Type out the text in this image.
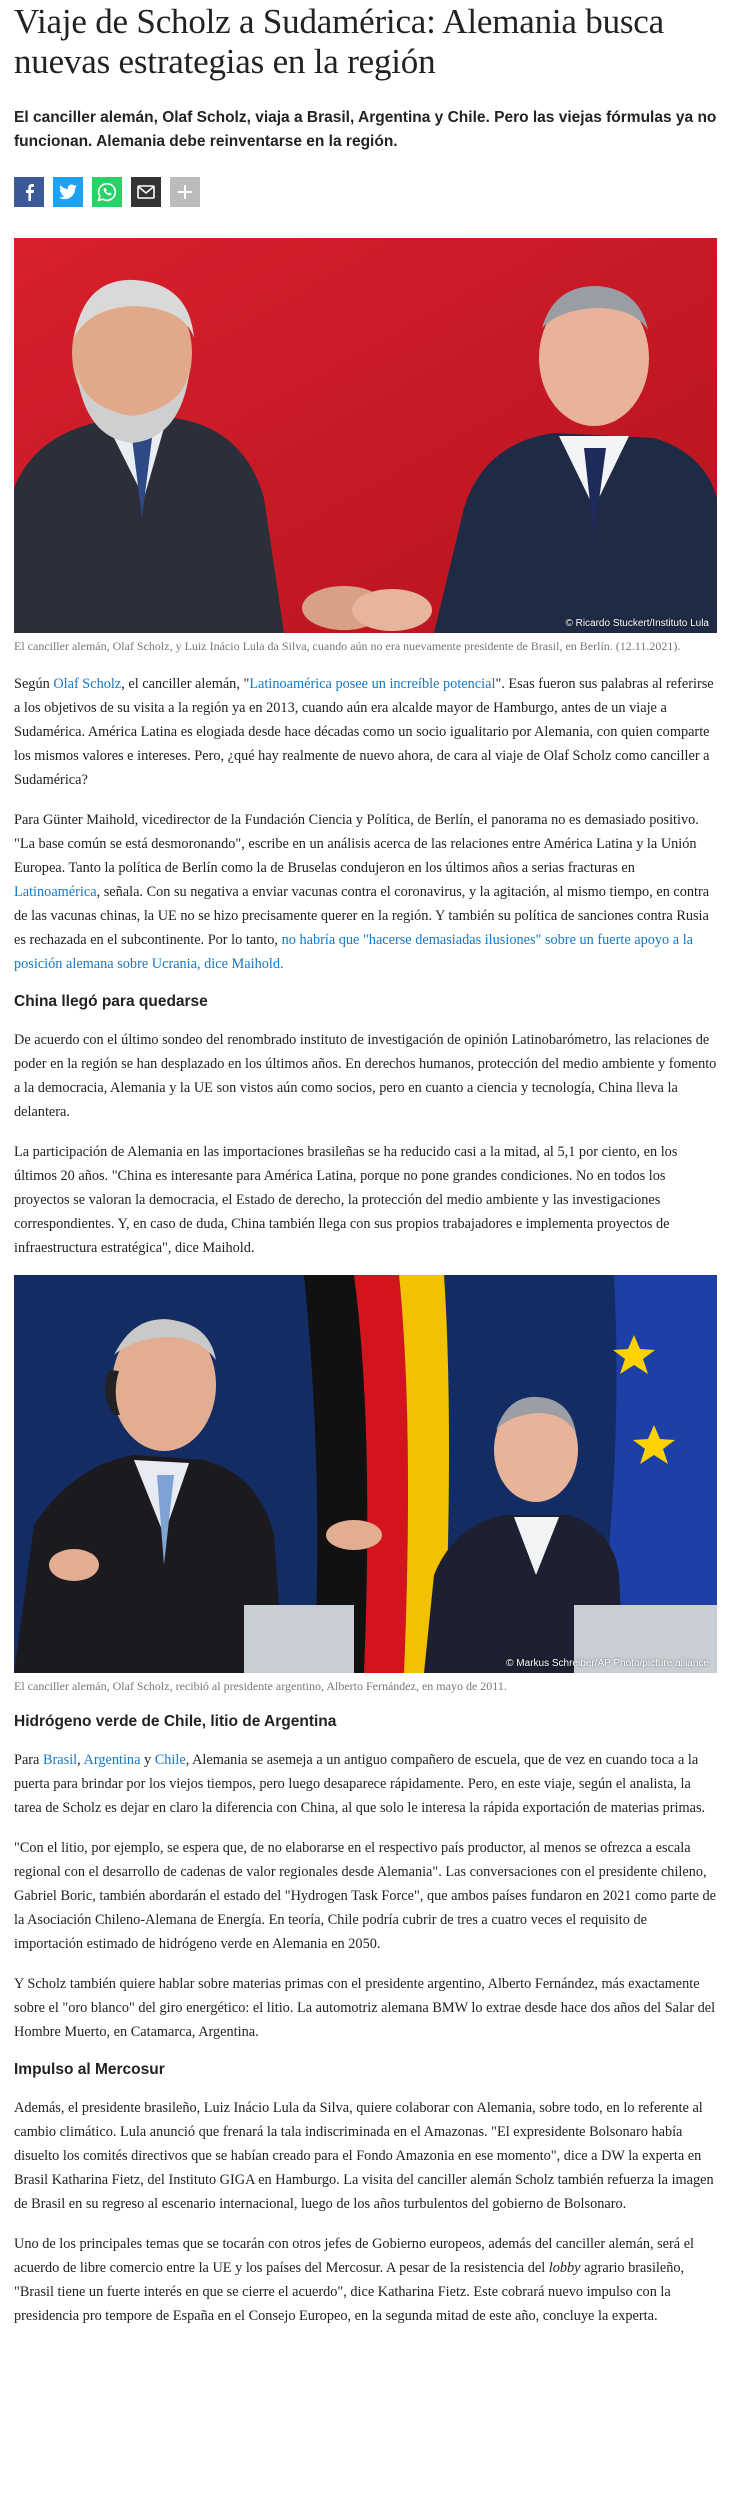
Viaje de Scholz a Sudamérica: Alemania busca nuevas estrategias en la región

El canciller alemán, Olaf Scholz, viaja a Brasil, Argentina y Chile. Pero las viejas fórmulas ya no funcionan. Alemania debe reinventarse en la región.

© Ricardo Stuckert/Instituto Lula

El canciller alemán, Olaf Scholz, y Luiz Inácio Lula da Silva, cuando aún no era nuevamente presidente de Brasil, en Berlín. (12.11.2021).

Según Olaf Scholz, el canciller alemán, "Latinoamérica posee un increíble potencial". Esas fueron sus palabras al referirse a los objetivos de su visita a la región ya en 2013, cuando aún era alcalde mayor de Hamburgo, antes de un viaje a Sudamérica. América Latina es elogiada desde hace décadas como un socio igualitario por Alemania, con quien comparte los mismos valores e intereses. Pero, ¿qué hay realmente de nuevo ahora, de cara al viaje de Olaf Scholz como canciller a Sudamérica?

Para Günter Maihold, vicedirector de la Fundación Ciencia y Política, de Berlín, el panorama no es demasiado positivo. "La base común se está desmoronando", escribe en un análisis acerca de las relaciones entre América Latina y la Unión Europea. Tanto la política de Berlín como la de Bruselas condujeron en los últimos años a serias fracturas en Latinoamérica, señala. Con su negativa a enviar vacunas contra el coronavirus, y la agitación, al mismo tiempo, en contra de las vacunas chinas, la UE no se hizo precisamente querer en la región. Y también su política de sanciones contra Rusia es rechazada en el subcontinente. Por lo tanto, no habría que "hacerse demasiadas ilusiones" sobre un fuerte apoyo a la posición alemana sobre Ucrania, dice Maihold.

China llegó para quedarse

De acuerdo con el último sondeo del renombrado instituto de investigación de opinión Latinobarómetro, las relaciones de poder en la región se han desplazado en los últimos años. En derechos humanos, protección del medio ambiente y fomento a la democracia, Alemania y la UE son vistos aún como socios, pero en cuanto a ciencia y tecnología, China lleva la delantera.

La participación de Alemania en las importaciones brasileñas se ha reducido casi a la mitad, al 5,1 por ciento, en los últimos 20 años. "China es interesante para América Latina, porque no pone grandes condiciones. No en todos los proyectos se valoran la democracia, el Estado de derecho, la protección del medio ambiente y las investigaciones correspondientes. Y, en caso de duda, China también llega con sus propios trabajadores e implementa proyectos de infraestructura estratégica", dice Maihold.

© Markus Schreiber/AP Photo/picture alliance

El canciller alemán, Olaf Scholz, recibió al presidente argentino, Alberto Fernández, en mayo de 2011.

Hidrógeno verde de Chile, litio de Argentina

Para Brasil, Argentina y Chile, Alemania se asemeja a un antiguo compañero de escuela, que de vez en cuando toca a la puerta para brindar por los viejos tiempos, pero luego desaparece rápidamente. Pero, en este viaje, según el analista, la tarea de Scholz es dejar en claro la diferencia con China, al que solo le interesa la rápida exportación de materias primas.

"Con el litio, por ejemplo, se espera que, de no elaborarse en el respectivo país productor, al menos se ofrezca a escala regional con el desarrollo de cadenas de valor regionales desde Alemania". Las conversaciones con el presidente chileno, Gabriel Boric, también abordarán el estado del "Hydrogen Task Force", que ambos países fundaron en 2021 como parte de la Asociación Chileno-Alemana de Energía. En teoría, Chile podría cubrir de tres a cuatro veces el requisito de importación estimado de hidrógeno verde en Alemania en 2050.

Y Scholz también quiere hablar sobre materias primas con el presidente argentino, Alberto Fernández, más exactamente sobre el "oro blanco" del giro energético: el litio. La automotriz alemana BMW lo extrae desde hace dos años del Salar del Hombre Muerto, en Catamarca, Argentina.

Impulso al Mercosur

Además, el presidente brasileño, Luiz Inácio Lula da Silva, quiere colaborar con Alemania, sobre todo, en lo referente al cambio climático. Lula anunció que frenará la tala indiscriminada en el Amazonas. "El expresidente Bolsonaro había disuelto los comités directivos que se habían creado para el Fondo Amazonia en ese momento", dice a DW la experta en Brasil Katharina Fietz, del Instituto GIGA en Hamburgo. La visita del canciller alemán Scholz también refuerza la imagen de Brasil en su regreso al escenario internacional, luego de los años turbulentos del gobierno de Bolsonaro.

Uno de los principales temas que se tocarán con otros jefes de Gobierno europeos, además del canciller alemán, será el acuerdo de libre comercio entre la UE y los países del Mercosur. A pesar de la resistencia del lobby agrario brasileño, "Brasil tiene un fuerte interés en que se cierre el acuerdo", dice Katharina Fietz. Este cobrará nuevo impulso con la presidencia pro tempore de España en el Consejo Europeo, en la segunda mitad de este año, concluye la experta.
